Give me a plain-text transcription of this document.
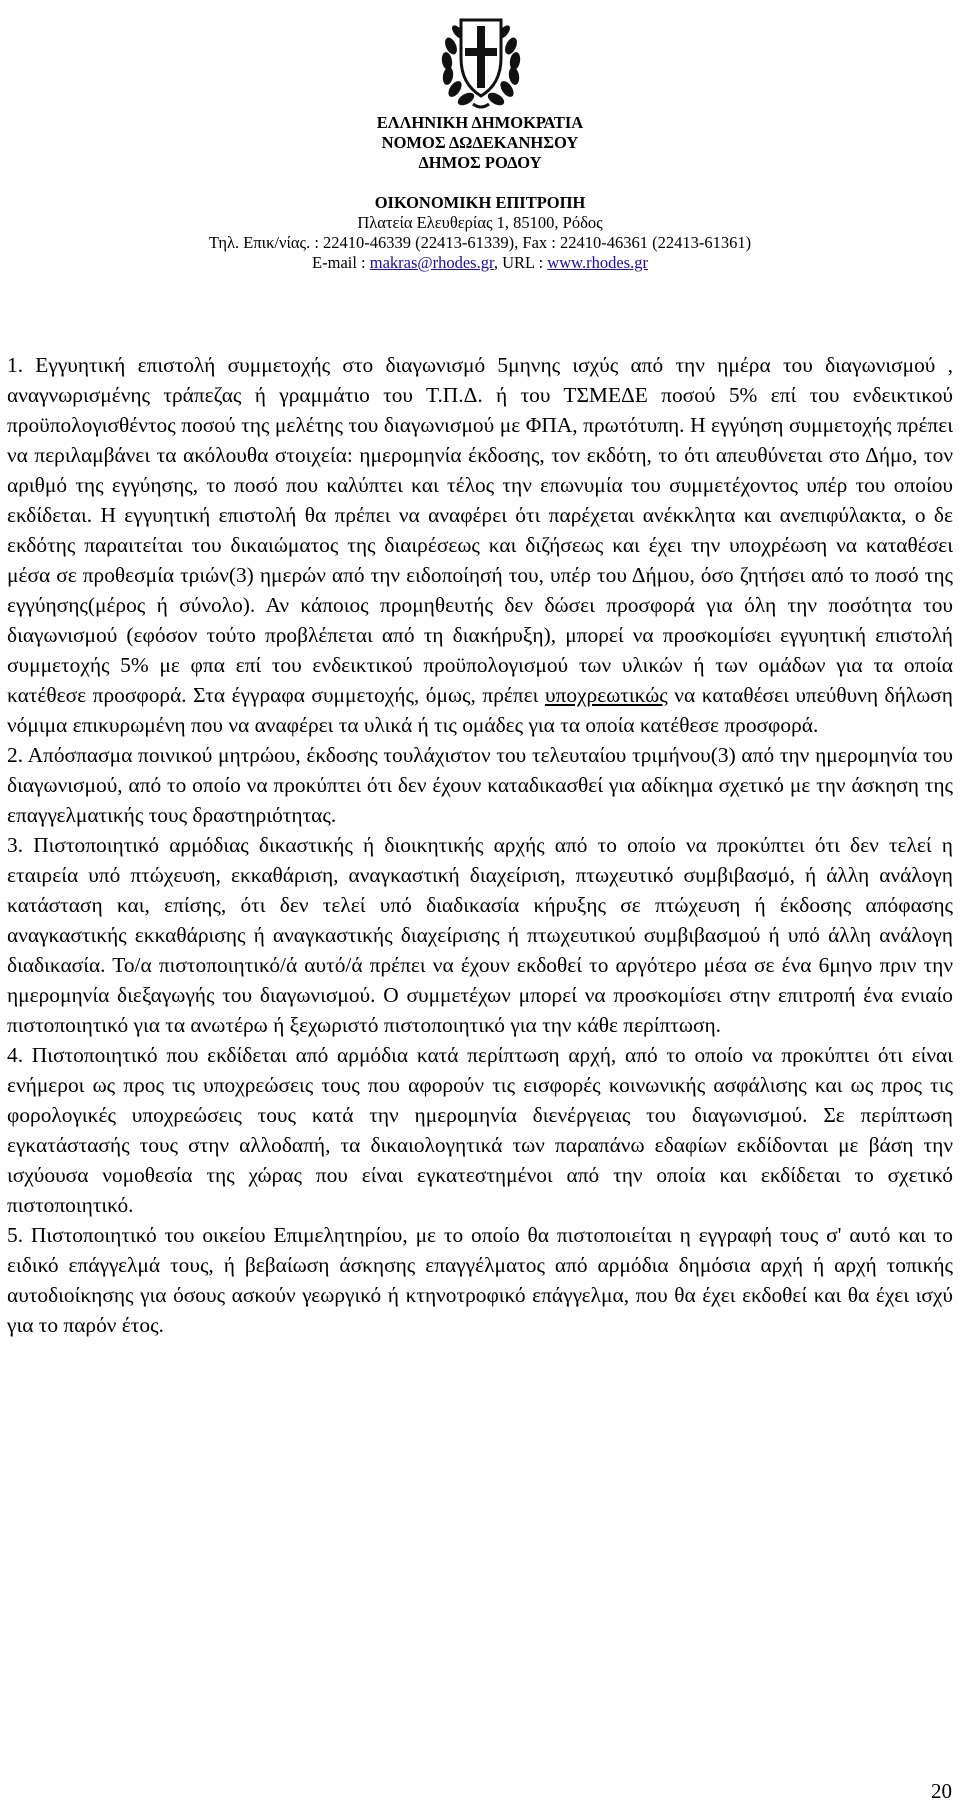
ΕΛΛΗΝΙΚΗ ΔΗΜΟΚΡΑΤΙΑ
ΝΟΜΟΣ ΔΩΔΕΚΑΝΗΣΟΥ
ΔΗΜΟΣ ΡΟΔΟΥ
ΟΙΚΟΝΟΜΙΚΗ ΕΠΙΤΡΟΠΗ
Πλατεία Ελευθερίας 1, 85100, Ρόδος
Τηλ. Επικ/νίας. : 22410-46339 (22413-61339), Fax : 22410-46361 (22413-61361)
E-mail : makras@rhodes.gr, URL : www.rhodes.gr

1. Εγγυητική επιστολή συμμετοχής στο διαγωνισμό 5μηνης ισχύς από την ημέρα του διαγωνισμού , αναγνωρισμένης τράπεζας ή γραμμάτιο του Τ.Π.Δ. ή του ΤΣΜΕΔΕ ποσού 5% επί του ενδεικτικού προϋπολογισθέντος ποσού της μελέτης του διαγωνισμού με ΦΠΑ, πρωτότυπη. Η εγγύηση συμμετοχής πρέπει να περιλαμβάνει τα ακόλουθα στοιχεία: ημερομηνία έκδοσης, τον εκδότη, το ότι απευθύνεται στο Δήμο, τον αριθμό της εγγύησης, το ποσό που καλύπτει και τέλος την επωνυμία του συμμετέχοντος υπέρ του οποίου εκδίδεται. Η εγγυητική επιστολή θα πρέπει να αναφέρει ότι παρέχεται ανέκκλητα και ανεπιφύλακτα, ο δε εκδότης παραιτείται του δικαιώματος της διαιρέσεως και διζήσεως και έχει την υποχρέωση να καταθέσει μέσα σε προθεσμία τριών(3) ημερών από την ειδοποίησή του, υπέρ του Δήμου, όσο ζητήσει από το ποσό της εγγύησης(μέρος ή σύνολο). Αν κάποιος προμηθευτής δεν δώσει προσφορά για όλη την ποσότητα του διαγωνισμού (εφόσον τούτο προβλέπεται από τη διακήρυξη), μπορεί να προσκομίσει εγγυητική επιστολή συμμετοχής 5% με φπα επί του ενδεικτικού προϋπολογισμού των υλικών ή των ομάδων για τα οποία κατέθεσε προσφορά. Στα έγγραφα συμμετοχής, όμως, πρέπει υποχρεωτικώς να καταθέσει υπεύθυνη δήλωση νόμιμα επικυρωμένη που να αναφέρει τα υλικά ή τις ομάδες για τα οποία κατέθεσε προσφορά.

2. Απόσπασμα ποινικού μητρώου, έκδοσης τουλάχιστον του τελευταίου τριμήνου(3) από την ημερομηνία του διαγωνισμού, από το οποίο να προκύπτει ότι δεν έχουν καταδικασθεί για αδίκημα σχετικό με την άσκηση της επαγγελματικής τους δραστηριότητας.

3. Πιστοποιητικό αρμόδιας δικαστικής ή διοικητικής αρχής από το οποίο να προκύπτει ότι δεν τελεί η εταιρεία υπό πτώχευση, εκκαθάριση, αναγκαστική διαχείριση, πτωχευτικό συμβιβασμό, ή άλλη ανάλογη κατάσταση και, επίσης, ότι δεν τελεί υπό διαδικασία κήρυξης σε πτώχευση ή έκδοσης απόφασης αναγκαστικής εκκαθάρισης ή αναγκαστικής διαχείρισης ή πτωχευτικού συμβιβασμού ή υπό άλλη ανάλογη διαδικασία. Το/α πιστοποιητικό/ά αυτό/ά πρέπει να έχουν εκδοθεί το αργότερο μέσα σε ένα 6μηνο πριν την ημερομηνία διεξαγωγής του διαγωνισμού. Ο συμμετέχων μπορεί να προσκομίσει στην επιτροπή ένα ενιαίο πιστοποιητικό για τα ανωτέρω ή ξεχωριστό πιστοποιητικό για την κάθε περίπτωση.

4. Πιστοποιητικό που εκδίδεται από αρμόδια κατά περίπτωση αρχή, από το οποίο να προκύπτει ότι είναι ενήμεροι ως προς τις υποχρεώσεις τους που αφορούν τις εισφορές κοινωνικής ασφάλισης και ως προς τις φορολογικές υποχρεώσεις τους κατά την ημερομηνία διενέργειας του διαγωνισμού. Σε περίπτωση εγκατάστασής τους στην αλλοδαπή, τα δικαιολογητικά των παραπάνω εδαφίων εκδίδονται με βάση την ισχύουσα νομοθεσία της χώρας που είναι εγκατεστημένοι από την οποία και εκδίδεται το σχετικό πιστοποιητικό.

5. Πιστοποιητικό του οικείου Επιμελητηρίου, με το οποίο θα πιστοποιείται η εγγραφή τους σ' αυτό και το ειδικό επάγγελμά τους, ή βεβαίωση άσκησης επαγγέλματος από αρμόδια δημόσια αρχή ή αρχή τοπικής αυτοδιοίκησης για όσους ασκούν γεωργικό ή κτηνοτροφικό επάγγελμα, που θα έχει εκδοθεί και θα έχει ισχύ για το παρόν έτος.

20
